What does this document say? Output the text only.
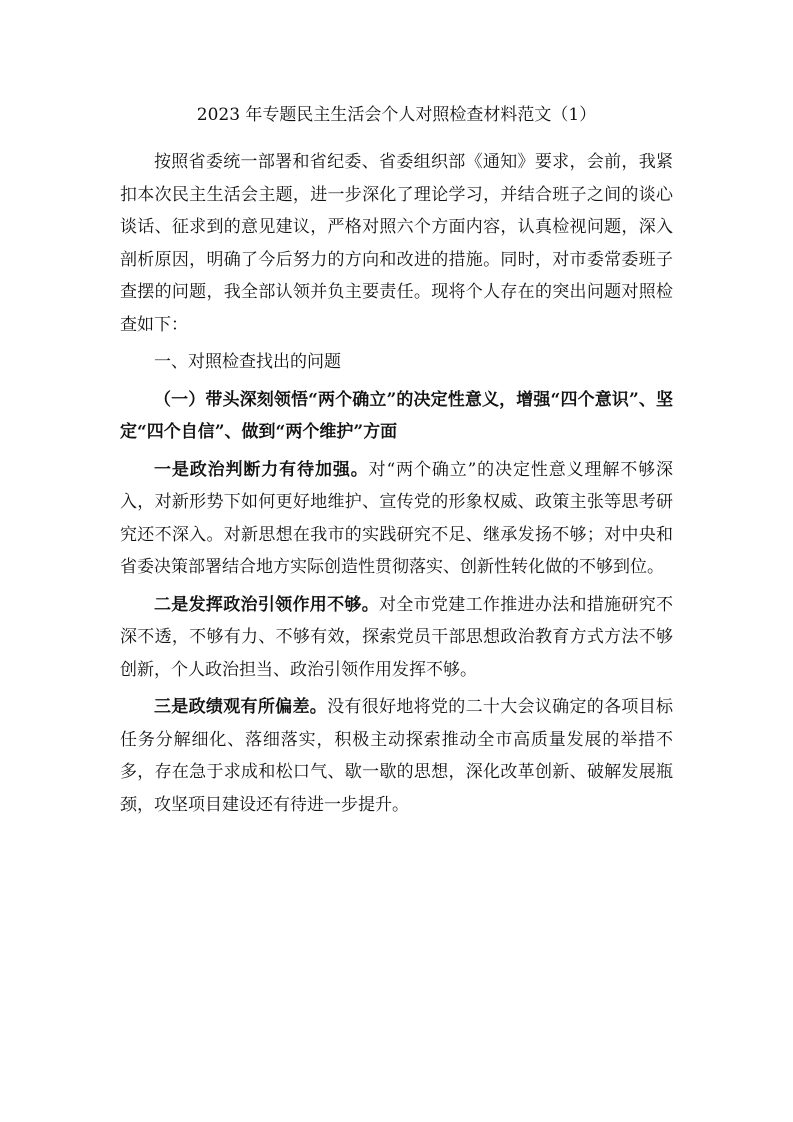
2023 年专题民主生活会个人对照检查材料范文（1）

按照省委统一部署和省纪委、省委组织部《通知》要求，会前，我紧扣本次民主生活会主题，进一步深化了理论学习，并结合班子之间的谈心谈话、征求到的意见建议，严格对照六个方面内容，认真检视问题，深入剖析原因，明确了今后努力的方向和改进的措施。同时，对市委常委班子查摆的问题，我全部认领并负主要责任。现将个人存在的突出问题对照检查如下：

一、对照检查找出的问题

（一）带头深刻领悟“两个确立”的决定性意义，增强“四个意识”、坚定“四个自信”、做到“两个维护”方面

一是政治判断力有待加强。对“两个确立”的决定性意义理解不够深入，对新形势下如何更好地维护、宣传党的形象权威、政策主张等思考研究还不深入。对新思想在我市的实践研究不足、继承发扬不够；对中央和省委决策部署结合地方实际创造性贯彻落实、创新性转化做的不够到位。

二是发挥政治引领作用不够。对全市党建工作推进办法和措施研究不深不透，不够有力、不够有效，探索党员干部思想政治教育方式方法不够创新，个人政治担当、政治引领作用发挥不够。

三是政绩观有所偏差。没有很好地将党的二十大会议确定的各项目标任务分解细化、落细落实，积极主动探索推动全市高质量发展的举措不多，存在急于求成和松口气、歇一歇的思想，深化改革创新、破解发展瓶颈，攻坚项目建设还有待进一步提升。
